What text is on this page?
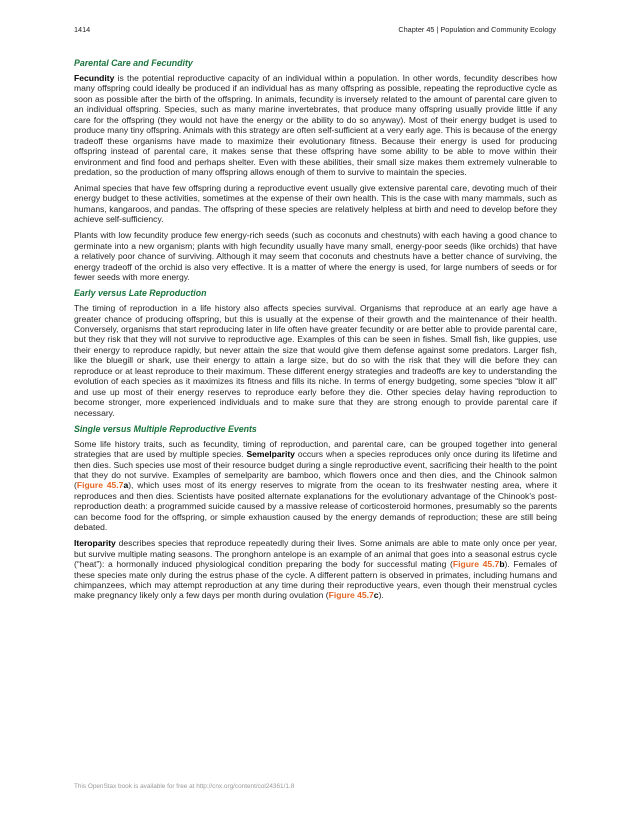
1414	Chapter 45 | Population and Community Ecology
Parental Care and Fecundity

Fecundity is the potential reproductive capacity of an individual within a population. In other words, fecundity describes how many offspring could ideally be produced if an individual has as many offspring as possible, repeating the reproductive cycle as soon as possible after the birth of the offspring. In animals, fecundity is inversely related to the amount of parental care given to an individual offspring. Species, such as many marine invertebrates, that produce many offspring usually provide little if any care for the offspring (they would not have the energy or the ability to do so anyway). Most of their energy budget is used to produce many tiny offspring. Animals with this strategy are often self-sufficient at a very early age. This is because of the energy tradeoff these organisms have made to maximize their evolutionary fitness. Because their energy is used for producing offspring instead of parental care, it makes sense that these offspring have some ability to be able to move within their environment and find food and perhaps shelter. Even with these abilities, their small size makes them extremely vulnerable to predation, so the production of many offspring allows enough of them to survive to maintain the species.

Animal species that have few offspring during a reproductive event usually give extensive parental care, devoting much of their energy budget to these activities, sometimes at the expense of their own health. This is the case with many mammals, such as humans, kangaroos, and pandas. The offspring of these species are relatively helpless at birth and need to develop before they achieve self-sufficiency.

Plants with low fecundity produce few energy-rich seeds (such as coconuts and chestnuts) with each having a good chance to germinate into a new organism; plants with high fecundity usually have many small, energy-poor seeds (like orchids) that have a relatively poor chance of surviving. Although it may seem that coconuts and chestnuts have a better chance of surviving, the energy tradeoff of the orchid is also very effective. It is a matter of where the energy is used, for large numbers of seeds or for fewer seeds with more energy.

Early versus Late Reproduction

The timing of reproduction in a life history also affects species survival. Organisms that reproduce at an early age have a greater chance of producing offspring, but this is usually at the expense of their growth and the maintenance of their health. Conversely, organisms that start reproducing later in life often have greater fecundity or are better able to provide parental care, but they risk that they will not survive to reproductive age. Examples of this can be seen in fishes. Small fish, like guppies, use their energy to reproduce rapidly, but never attain the size that would give them defense against some predators. Larger fish, like the bluegill or shark, use their energy to attain a large size, but do so with the risk that they will die before they can reproduce or at least reproduce to their maximum. These different energy strategies and tradeoffs are key to understanding the evolution of each species as it maximizes its fitness and fills its niche. In terms of energy budgeting, some species “blow it all” and use up most of their energy reserves to reproduce early before they die. Other species delay having reproduction to become stronger, more experienced individuals and to make sure that they are strong enough to provide parental care if necessary.

Single versus Multiple Reproductive Events

Some life history traits, such as fecundity, timing of reproduction, and parental care, can be grouped together into general strategies that are used by multiple species. Semelparity occurs when a species reproduces only once during its lifetime and then dies. Such species use most of their resource budget during a single reproductive event, sacrificing their health to the point that they do not survive. Examples of semelparity are bamboo, which flowers once and then dies, and the Chinook salmon (Figure 45.7a), which uses most of its energy reserves to migrate from the ocean to its freshwater nesting area, where it reproduces and then dies. Scientists have posited alternate explanations for the evolutionary advantage of the Chinook’s post-reproduction death: a programmed suicide caused by a massive release of corticosteroid hormones, presumably so the parents can become food for the offspring, or simple exhaustion caused by the energy demands of reproduction; these are still being debated.

Iteroparity describes species that reproduce repeatedly during their lives. Some animals are able to mate only once per year, but survive multiple mating seasons. The pronghorn antelope is an example of an animal that goes into a seasonal estrus cycle (“heat”): a hormonally induced physiological condition preparing the body for successful mating (Figure 45.7b). Females of these species mate only during the estrus phase of the cycle. A different pattern is observed in primates, including humans and chimpanzees, which may attempt reproduction at any time during their reproductive years, even though their menstrual cycles make pregnancy likely only a few days per month during ovulation (Figure 45.7c).

This OpenStax book is available for free at http://cnx.org/content/col24361/1.8
